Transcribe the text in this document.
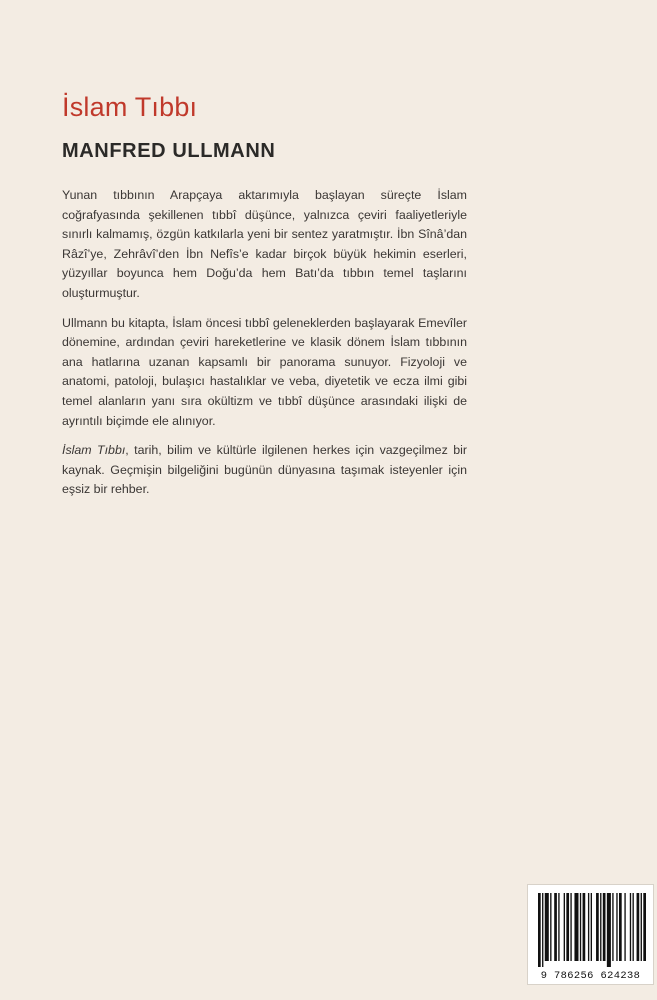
İslam Tıbbı
MANFRED ULLMANN

Yunan tıbbının Arapçaya aktarımıyla başlayan süreçte İslam coğrafyasında şekillenen tıbbî düşünce, yalnızca çeviri faaliyetleriyle sınırlı kalmamış, özgün katkılarla yeni bir sentez yaratmıştır. İbn Sînâ’dan Râzî’ye, Zehrâvî’den İbn Nefîs’e kadar birçok büyük hekimin eserleri, yüzyıllar boyunca hem Doğu’da hem Batı’da tıbbın temel taşlarını oluşturmuştur.

Ullmann bu kitapta, İslam öncesi tıbbî geleneklerden başlayarak Emevîler dönemine, ardından çeviri hareketlerine ve klasik dönem İslam tıbbının ana hatlarına uzanan kapsamlı bir panorama sunuyor. Fizyoloji ve anatomi, patoloji, bulaşıcı hastalıklar ve veba, diyetetik ve ecza ilmi gibi temel alanların yanı sıra okültizm ve tıbbî düşünce arasındaki ilişki de ayrıntılı biçimde ele alınıyor.

İslam Tıbbı, tarih, bilim ve kültürle ilgilenen herkes için vazgeçilmez bir kaynak. Geçmişin bilgeliğini bugünün dünyasına taşımak isteyenler için eşsiz bir rehber.

9 786256 624238
